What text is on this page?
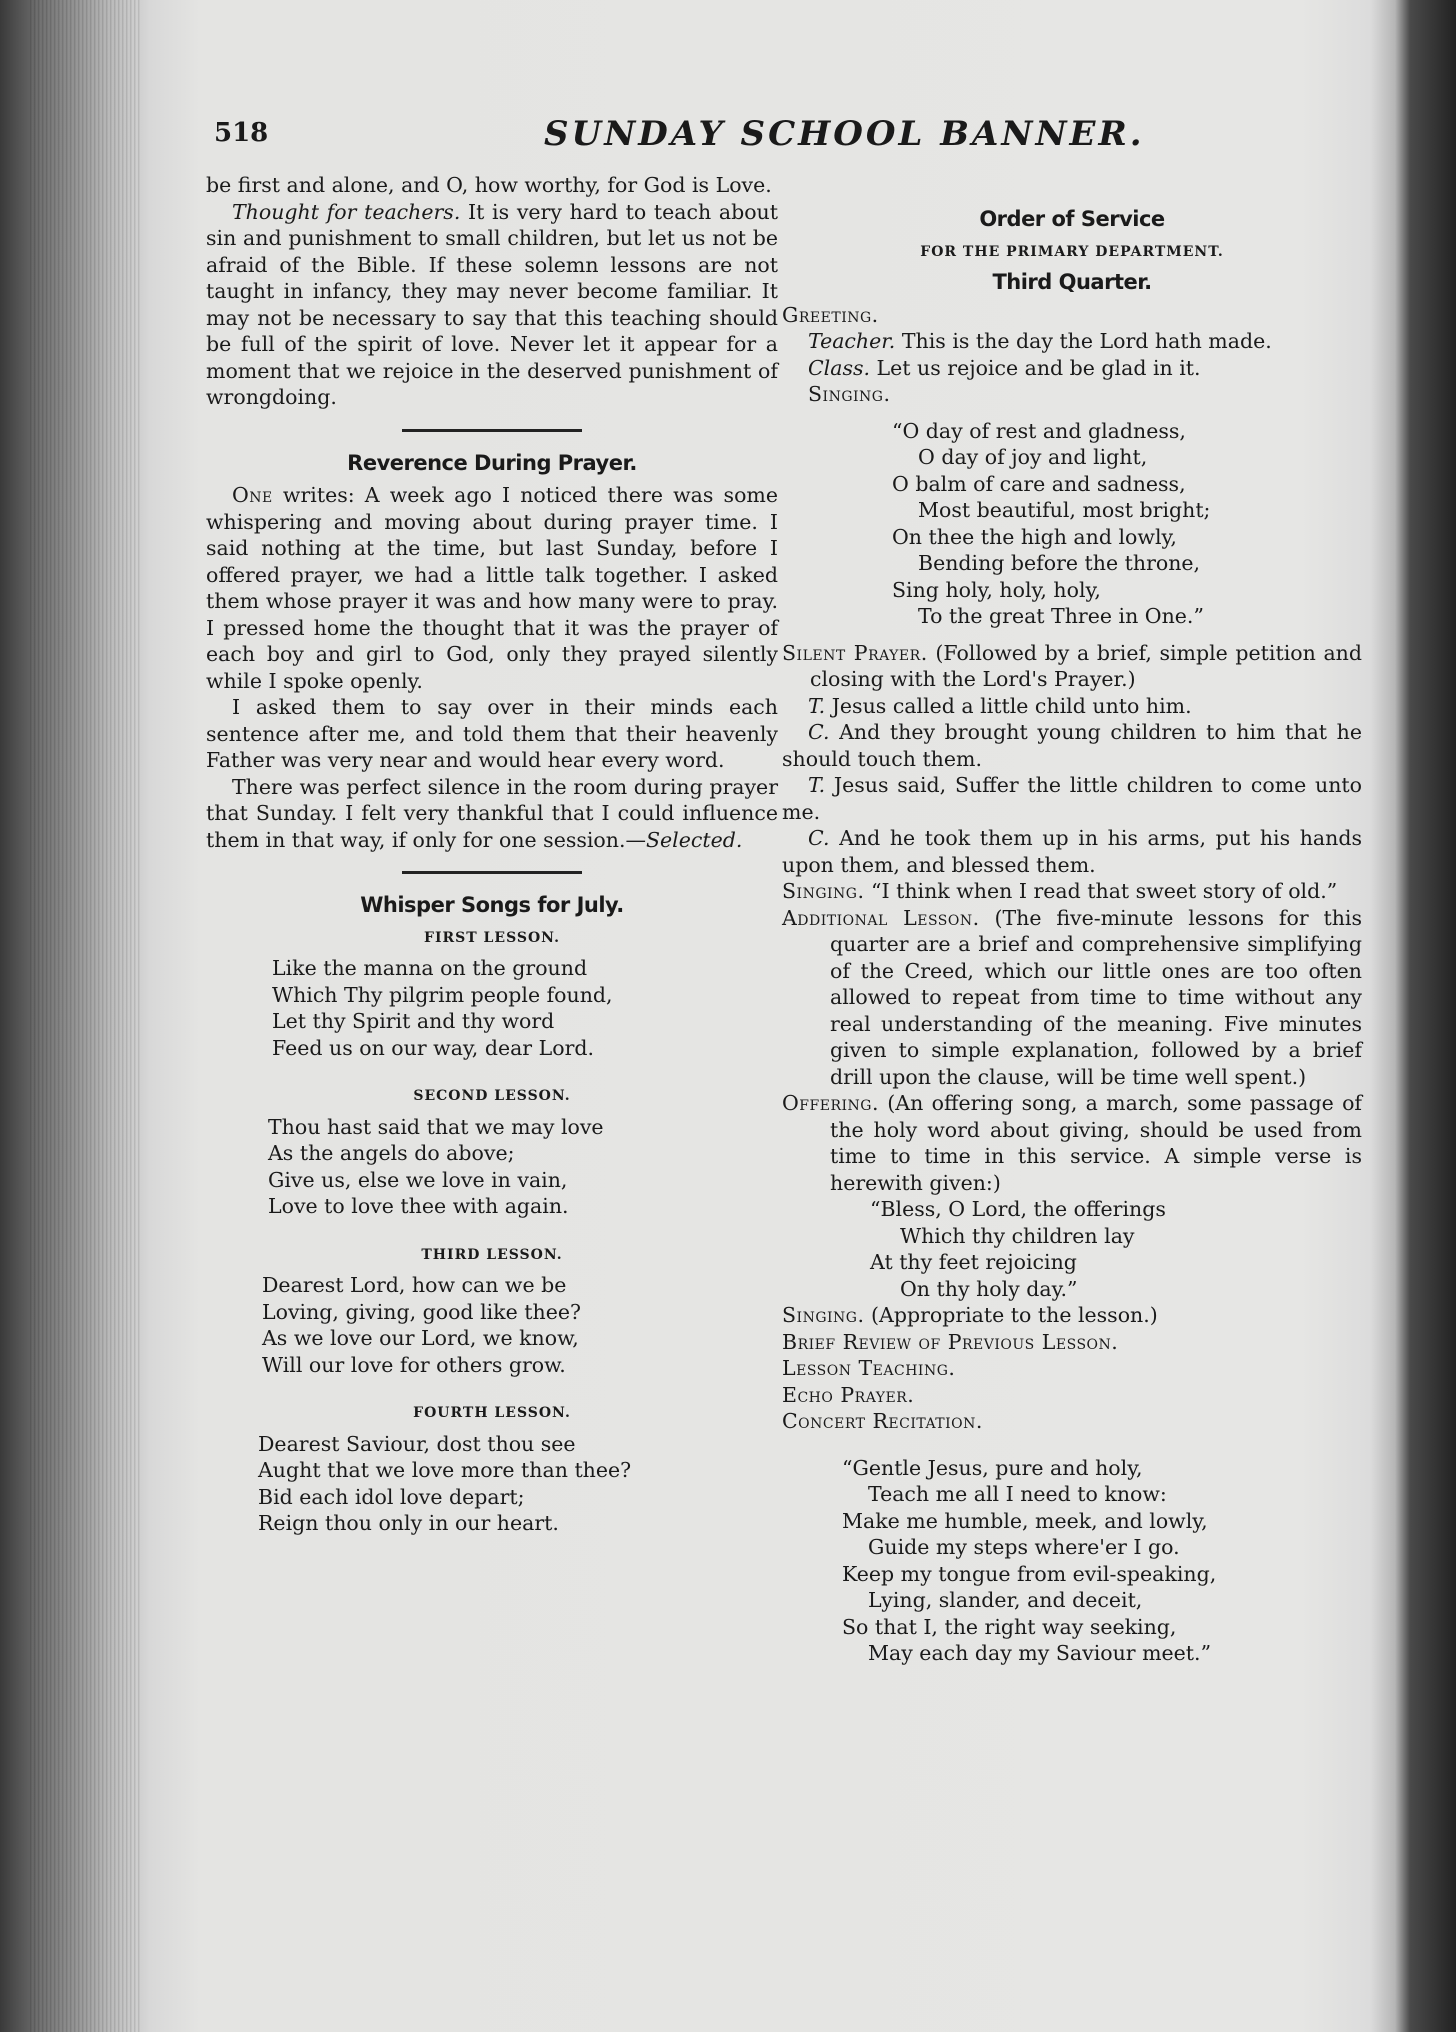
518	SUNDAY SCHOOL BANNER.

be first and alone, and O, how worthy, for God is Love.

Thought for teachers. It is very hard to teach about sin and punishment to small children, but let us not be afraid of the Bible. If these solemn lessons are not taught in infancy, they may never become familiar. It may not be necessary to say that this teaching should be full of the spirit of love. Never let it appear for a moment that we rejoice in the deserved punishment of wrongdoing.

Reverence During Prayer.

One writes: A week ago I noticed there was some whispering and moving about during prayer time. I said nothing at the time, but last Sunday, before I offered prayer, we had a little talk together. I asked them whose prayer it was and how many were to pray. I pressed home the thought that it was the prayer of each boy and girl to God, only they prayed silently while I spoke openly.

I asked them to say over in their minds each sentence after me, and told them that their heavenly Father was very near and would hear every word.

There was perfect silence in the room during prayer that Sunday. I felt very thankful that I could influence them in that way, if only for one session.—Selected.

Whisper Songs for July.
FIRST LESSON.
Like the manna on the ground
Which Thy pilgrim people found,
Let thy Spirit and thy word
Feed us on our way, dear Lord.
SECOND LESSON.
Thou hast said that we may love
As the angels do above;
Give us, else we love in vain,
Love to love thee with again.
THIRD LESSON.
Dearest Lord, how can we be
Loving, giving, good like thee?
As we love our Lord, we know,
Will our love for others grow.
FOURTH LESSON.
Dearest Saviour, dost thou see
Aught that we love more than thee?
Bid each idol love depart;
Reign thou only in our heart.
Order of Service
FOR THE PRIMARY DEPARTMENT.
Third Quarter.

Greeting.

Teacher. This is the day the Lord hath made.

Class. Let us rejoice and be glad in it.

Singing.

“O day of rest and gladness,
O day of joy and light,
O balm of care and sadness,
Most beautiful, most bright;
On thee the high and lowly,
Bending before the throne,
Sing holy, holy, holy,
To the great Three in One.”

Silent Prayer. (Followed by a brief, simple petition and closing with the Lord's Prayer.)

T. Jesus called a little child unto him.

C. And they brought young children to him that he should touch them.

T. Jesus said, Suffer the little children to come unto me.

C. And he took them up in his arms, put his hands upon them, and blessed them.

Singing. “I think when I read that sweet story of old.”

Additional Lesson. (The five-minute lessons for this quarter are a brief and comprehensive simplifying of the Creed, which our little ones are too often allowed to repeat from time to time without any real understanding of the meaning. Five minutes given to simple explanation, followed by a brief drill upon the clause, will be time well spent.)

Offering. (An offering song, a march, some passage of the holy word about giving, should be used from time to time in this service. A simple verse is herewith given:)

“Bless, O Lord, the offerings
Which thy children lay
At thy feet rejoicing
On thy holy day.”

Singing. (Appropriate to the lesson.)

Brief Review of Previous Lesson.

Lesson Teaching.

Echo Prayer.

Concert Recitation.

“Gentle Jesus, pure and holy,
Teach me all I need to know:
Make me humble, meek, and lowly,
Guide my steps where'er I go.
Keep my tongue from evil-speaking,
Lying, slander, and deceit,
So that I, the right way seeking,
May each day my Saviour meet.”
